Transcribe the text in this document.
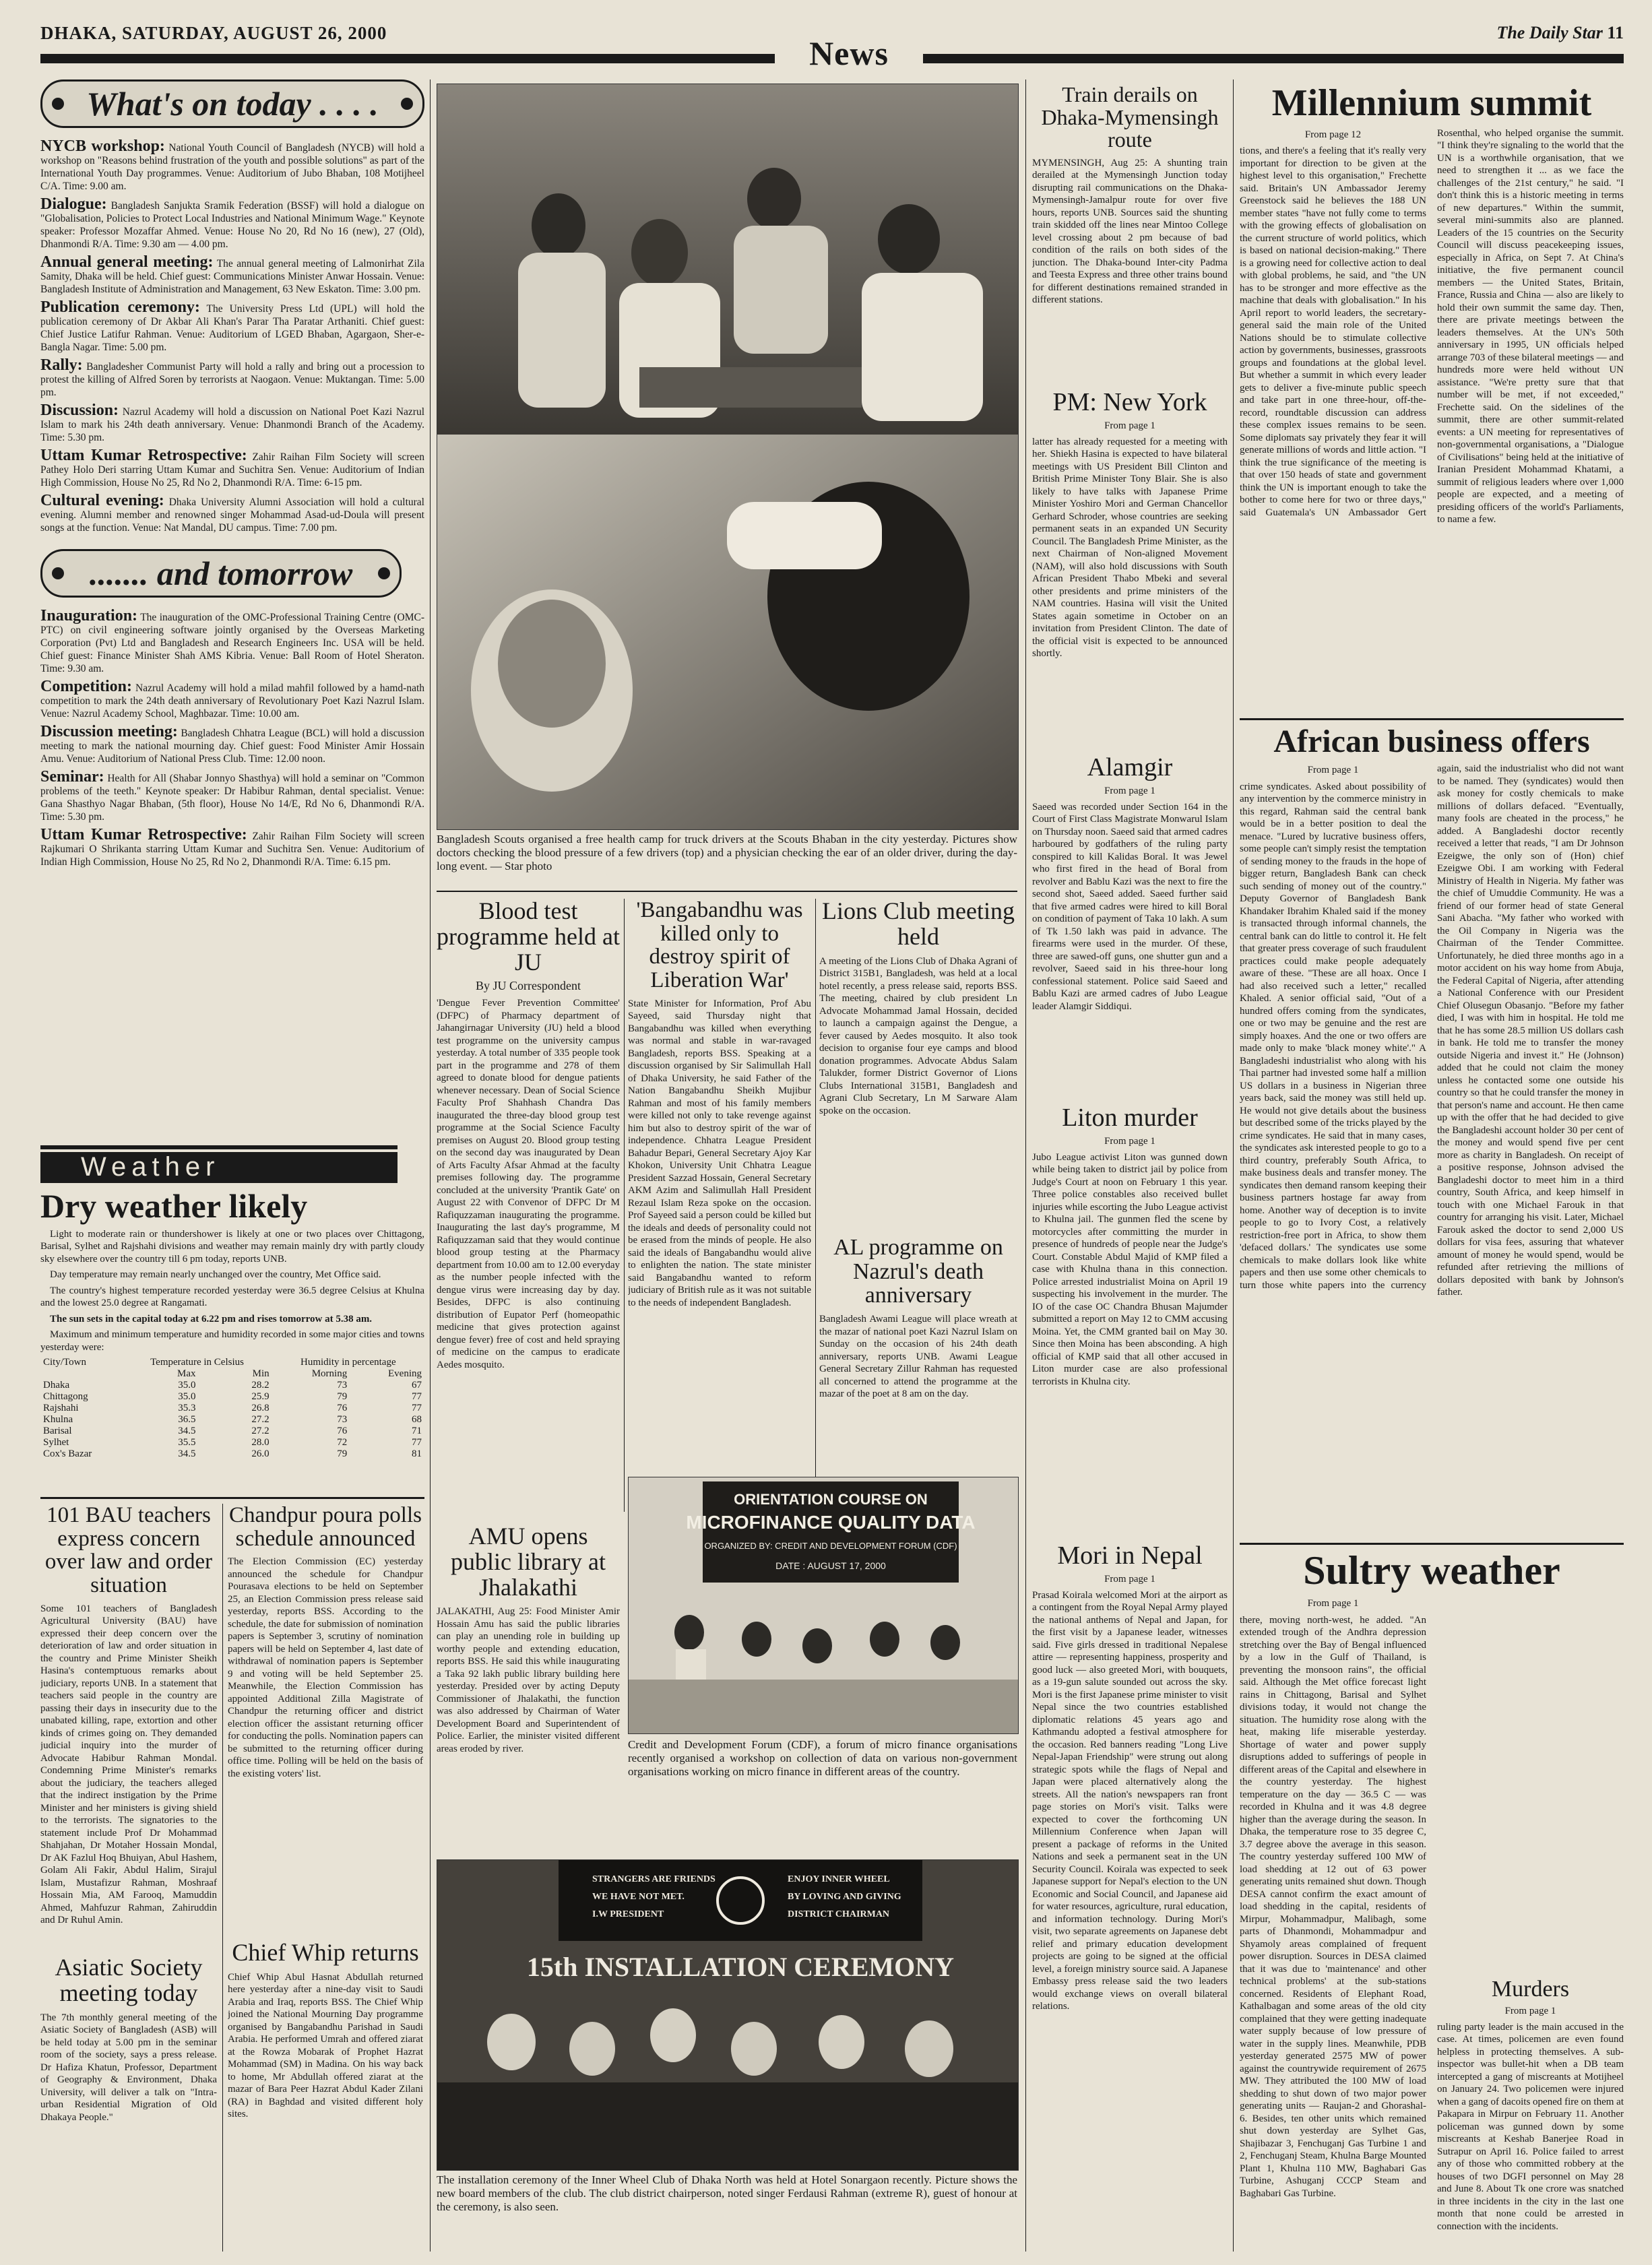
DHAKA, SATURDAY, AUGUST 26, 2000
News
The Daily Star 11
What's on today . . . .

NYCB workshop: National Youth Council of Bangladesh (NYCB) will hold a workshop on "Reasons behind frustration of the youth and possible solutions" as part of the International Youth Day programmes. Venue: Auditorium of Jubo Bhaban, 108 Motijheel C/A. Time: 9.00 am.

Dialogue: Bangladesh Sanjukta Sramik Federation (BSSF) will hold a dialogue on "Globalisation, Policies to Protect Local Industries and National Minimum Wage." Keynote speaker: Professor Mozaffar Ahmed. Venue: House No 20, Rd No 16 (new), 27 (Old), Dhanmondi R/A. Time: 9.30 am — 4.00 pm.

Annual general meeting: The annual general meeting of Lalmonirhat Zila Samity, Dhaka will be held. Chief guest: Communications Minister Anwar Hossain. Venue: Bangladesh Institute of Administration and Management, 63 New Eskaton. Time: 3.00 pm.

Publication ceremony: The University Press Ltd (UPL) will hold the publication ceremony of Dr Akbar Ali Khan's Parar Tha Paratar Arthaniti. Chief guest: Chief Justice Latifur Rahman. Venue: Auditorium of LGED Bhaban, Agargaon, Sher-e-Bangla Nagar. Time: 5.00 pm.

Rally: Bangladesher Communist Party will hold a rally and bring out a procession to protest the killing of Alfred Soren by terrorists at Naogaon. Venue: Muktangan. Time: 5.00 pm.

Discussion: Nazrul Academy will hold a discussion on National Poet Kazi Nazrul Islam to mark his 24th death anniversary. Venue: Dhanmondi Branch of the Academy. Time: 5.30 pm.

Uttam Kumar Retrospective: Zahir Raihan Film Society will screen Pathey Holo Deri starring Uttam Kumar and Suchitra Sen. Venue: Auditorium of Indian High Commission, House No 25, Rd No 2, Dhanmondi R/A. Time: 6-15 pm.

Cultural evening: Dhaka University Alumni Association will hold a cultural evening. Alumni member and renowned singer Mohammad Asad-ud-Doula will present songs at the function. Venue: Nat Mandal, DU campus. Time: 7.00 pm.

....... and tomorrow

Inauguration: The inauguration of the OMC-Professional Training Centre (OMC-PTC) on civil engineering software jointly organised by the Overseas Marketing Corporation (Pvt) Ltd and Bangladesh and Research Engineers Inc. USA will be held. Chief guest: Finance Minister Shah AMS Kibria. Venue: Ball Room of Hotel Sheraton. Time: 9.30 am.

Competition: Nazrul Academy will hold a milad mahfil followed by a hamd-nath competition to mark the 24th death anniversary of Revolutionary Poet Kazi Nazrul Islam. Venue: Nazrul Academy School, Maghbazar. Time: 10.00 am.

Discussion meeting: Bangladesh Chhatra League (BCL) will hold a discussion meeting to mark the national mourning day. Chief guest: Food Minister Amir Hossain Amu. Venue: Auditorium of National Press Club. Time: 12.00 noon.

Seminar: Health for All (Shabar Jonnyo Shasthya) will hold a seminar on "Common problems of the teeth." Keynote speaker: Dr Habibur Rahman, dental specialist. Venue: Gana Shasthyo Nagar Bhaban, (5th floor), House No 14/E, Rd No 6, Dhanmondi R/A. Time: 5.30 pm.

Uttam Kumar Retrospective: Zahir Raihan Film Society will screen Rajkumari O Shrikanta starring Uttam Kumar and Suchitra Sen. Venue: Auditorium of Indian High Commission, House No 25, Rd No 2, Dhanmondi R/A. Time: 6.15 pm.

Weather
Dry weather likely

Light to moderate rain or thundershower is likely at one or two places over Chittagong, Barisal, Sylhet and Rajshahi divisions and weather may remain mainly dry with partly cloudy sky elsewhere over the country till 6 pm today, reports UNB.

Day temperature may remain nearly unchanged over the country, Met Office said.

The country's highest temperature recorded yesterday were 36.5 degree Celsius at Khulna and the lowest 25.0 degree at Rangamati.

The sun sets in the capital today at 6.22 pm and rises tomorrow at 5.38 am.

Maximum and minimum temperature and humidity recorded in some major cities and towns yesterday were:

City/Town	Temperature in Celsius		Humidity in percentage	
	Max	Min	Morning	Evening
Dhaka	35.0	28.2	73	67
Chittagong	35.0	25.9	79	77
Rajshahi	35.3	26.8	76	77
Khulna	36.5	27.2	73	68
Barisal	34.5	27.2	76	71
Sylhet	35.5	28.0	72	77
Cox's Bazar	34.5	26.0	79	81
101 BAU teachers express concern over law and order situation
Some 101 teachers of Bangladesh Agricultural University (BAU) have expressed their deep concern over the deterioration of law and order situation in the country and Prime Minister Sheikh Hasina's contemptuous remarks about judiciary, reports UNB. In a statement that teachers said people in the country are passing their days in insecurity due to the unabated killing, rape, extortion and other kinds of crimes going on. They demanded judicial inquiry into the murder of Advocate Habibur Rahman Mondal. Condemning Prime Minister's remarks about the judiciary, the teachers alleged that the indirect instigation by the Prime Minister and her ministers is giving shield to the terrorists. The signatories to the statement include Prof Dr Mohammad Shahjahan, Dr Motaher Hossain Mondal, Dr AK Fazlul Hoq Bhuiyan, Abul Hashem, Golam Ali Fakir, Abdul Halim, Sirajul Islam, Mustafizur Rahman, Moshraaf Hossain Mia, AM Farooq, Mamuddin Ahmed, Mahfuzur Rahman, Zahiruddin and Dr Ruhul Amin.
Asiatic Society meeting today
The 7th monthly general meeting of the Asiatic Society of Bangladesh (ASB) will be held today at 5.00 pm in the seminar room of the society, says a press release. Dr Hafiza Khatun, Professor, Department of Geography & Environment, Dhaka University, will deliver a talk on "Intra-urban Residential Migration of Old Dhakaya People."
Chandpur poura polls schedule announced
The Election Commission (EC) yesterday announced the schedule for Chandpur Pourasava elections to be held on September 25, an Election Commission press release said yesterday, reports BSS. According to the schedule, the date for submission of nomination papers is September 3, scrutiny of nomination papers will be held on September 4, last date of withdrawal of nomination papers is September 9 and voting will be held September 25. Meanwhile, the Election Commission has appointed Additional Zilla Magistrate of Chandpur the returning officer and district election officer the assistant returning officer for conducting the polls. Nomination papers can be submitted to the returning officer during office time. Polling will be held on the basis of the existing voters' list.
Chief Whip returns
Chief Whip Abul Hasnat Abdullah returned here yesterday after a nine-day visit to Saudi Arabia and Iraq, reports BSS. The Chief Whip joined the National Mourning Day programme organised by Bangabandhu Parishad in Saudi Arabia. He performed Umrah and offered ziarat at the Rowza Mobarak of Prophet Hazrat Mohammad (SM) in Madina. On his way back to home, Mr Abdullah offered ziarat at the mazar of Bara Peer Hazrat Abdul Kader Zilani (RA) in Baghdad and visited different holy sites.
Bangladesh Scouts organised a free health camp for truck drivers at the Scouts Bhaban in the city yesterday. Pictures show doctors checking the blood pressure of a few drivers (top) and a physician checking the ear of an older driver, during the day-long event. — Star photo
Blood test programme held at JU
By JU Correspondent
'Dengue Fever Prevention Committee' (DFPC) of Pharmacy department of Jahangirnagar University (JU) held a blood test programme on the university campus yesterday. A total number of 335 people took part in the programme and 278 of them agreed to donate blood for dengue patients whenever necessary. Dean of Social Science Faculty Prof Shahhash Chandra Das inaugurated the three-day blood group test programme at the Social Science Faculty premises on August 20. Blood group testing on the second day was inaugurated by Dean of Arts Faculty Afsar Ahmad at the faculty premises following day. The programme concluded at the university 'Prantik Gate' on August 22 with Convenor of DFPC Dr M Rafiquzzaman inaugurating the programme. Inaugurating the last day's programme, M Rafiquzzaman said that they would continue blood group testing at the Pharmacy department from 10.00 am to 12.00 everyday as the number people infected with the dengue virus were increasing day by day. Besides, DFPC is also continuing distribution of Eupator Perf (homeopathic medicine that gives protection against dengue fever) free of cost and held spraying of medicine on the campus to eradicate Aedes mosquito.
'Bangabandhu was killed only to destroy spirit of Liberation War'
State Minister for Information, Prof Abu Sayeed, said Thursday night that Bangabandhu was killed when everything was normal and stable in war-ravaged Bangladesh, reports BSS. Speaking at a discussion organised by Sir Salimullah Hall of Dhaka University, he said Father of the Nation Bangabandhu Sheikh Mujibur Rahman and most of his family members were killed not only to take revenge against him but also to destroy spirit of the war of independence. Chhatra League President Bahadur Bepari, General Secretary Ajoy Kar Khokon, University Unit Chhatra League President Sazzad Hossain, General Secretary AKM Azim and Salimullah Hall President Rezaul Islam Reza spoke on the occasion. Prof Sayeed said a person could be killed but the ideals and deeds of personality could not be erased from the minds of people. He also said the ideals of Bangabandhu would alive to enlighten the nation. The state minister said Bangabandhu wanted to reform judiciary of British rule as it was not suitable to the needs of independent Bangladesh.
Lions Club meeting held
A meeting of the Lions Club of Dhaka Agrani of District 315B1, Bangladesh, was held at a local hotel recently, a press release said, reports BSS. The meeting, chaired by club president Ln Advocate Mohammad Jamal Hossain, decided to launch a campaign against the Dengue, a fever caused by Aedes mosquito. It also took decision to organise four eye camps and blood donation programmes. Advocate Abdus Salam Talukder, former District Governor of Lions Clubs International 315B1, Bangladesh and Agrani Club Secretary, Ln M Sarware Alam spoke on the occasion.
AL programme on Nazrul's death anniversary
Bangladesh Awami League will place wreath at the mazar of national poet Kazi Nazrul Islam on Sunday on the occasion of his 24th death anniversary, reports UNB. Awami League General Secretary Zillur Rahman has requested all concerned to attend the programme at the mazar of the poet at 8 am on the day.
AMU opens public library at Jhalakathi
JALAKATHI, Aug 25: Food Minister Amir Hossain Amu has said the public libraries can play an unending role in building up worthy people and extending education, reports BSS. He said this while inaugurating a Taka 92 lakh public library building here yesterday. Presided over by acting Deputy Commissioner of Jhalakathi, the function was also addressed by Chairman of Water Development Board and Superintendent of Police. Earlier, the minister visited different areas eroded by river.
ORIENTATION COURSE ON
MICROFINANCE QUALITY DATA
ORGANIZED BY: CREDIT AND DEVELOPMENT FORUM (CDF)
DATE : AUGUST 17, 2000
Credit and Development Forum (CDF), a forum of micro finance organisations recently organised a workshop on collection of data on various non-government organisations working on micro finance in different areas of the country.
STRANGERS ARE FRIENDS
WE HAVE NOT MET.
I.W PRESIDENT
ENJOY INNER WHEEL
BY LOVING AND GIVING
DISTRICT CHAIRMAN
15th INSTALLATION CEREMONY
The installation ceremony of the Inner Wheel Club of Dhaka North was held at Hotel Sonargaon recently. Picture shows the new board members of the club. The club district chairperson, noted singer Ferdausi Rahman (extreme R), guest of honour at the ceremony, is also seen.
Train derails on Dhaka-Mymensingh route
MYMENSINGH, Aug 25: A shunting train derailed at the Mymensingh Junction today disrupting rail communications on the Dhaka-Mymensingh-Jamalpur route for over five hours, reports UNB. Sources said the shunting train skidded off the lines near Mintoo College level crossing about 2 pm because of bad condition of the rails on both sides of the junction. The Dhaka-bound Inter-city Padma and Teesta Express and three other trains bound for different destinations remained stranded in different stations.
PM: New York
From page 1
latter has already requested for a meeting with her. Shiekh Hasina is expected to have bilateral meetings with US President Bill Clinton and British Prime Minister Tony Blair. She is also likely to have talks with Japanese Prime Minister Yoshiro Mori and German Chancellor Gerhard Schroder, whose countries are seeking permanent seats in an expanded UN Security Council. The Bangladesh Prime Minister, as the next Chairman of Non-aligned Movement (NAM), will also hold discussions with South African President Thabo Mbeki and several other presidents and prime ministers of the NAM countries. Hasina will visit the United States again sometime in October on an invitation from President Clinton. The date of the official visit is expected to be announced shortly.
Alamgir
From page 1
Saeed was recorded under Section 164 in the Court of First Class Magistrate Monwarul Islam on Thursday noon. Saeed said that armed cadres harboured by godfathers of the ruling party conspired to kill Kalidas Boral. It was Jewel who first fired in the head of Boral from revolver and Bablu Kazi was the next to fire the second shot, Saeed added. Saeed further said that five armed cadres were hired to kill Boral on condition of payment of Taka 10 lakh. A sum of Tk 1.50 lakh was paid in advance. The firearms were used in the murder. Of these, three are sawed-off guns, one shutter gun and a revolver, Saeed said in his three-hour long confessional statement. Police said Saeed and Bablu Kazi are armed cadres of Jubo League leader Alamgir Siddiqui.
Liton murder
From page 1
Jubo League activist Liton was gunned down while being taken to district jail by police from Judge's Court at noon on February 1 this year. Three police constables also received bullet injuries while escorting the Jubo League activist to Khulna jail. The gunmen fled the scene by motorcycles after committing the murder in presence of hundreds of people near the Judge's Court. Constable Abdul Majid of KMP filed a case with Khulna thana in this connection. Police arrested industrialist Moina on April 19 suspecting his involvement in the murder. The IO of the case OC Chandra Bhusan Majumder submitted a report on May 12 to CMM accusing Moina. Yet, the CMM granted bail on May 30. Since then Moina has been absconding. A high official of KMP said that all other accused in Liton murder case are also professional terrorists in Khulna city.
Mori in Nepal
From page 1
Prasad Koirala welcomed Mori at the airport as a contingent from the Royal Nepal Army played the national anthems of Nepal and Japan, for the first visit by a Japanese leader, witnesses said. Five girls dressed in traditional Nepalese attire — representing happiness, prosperity and good luck — also greeted Mori, with bouquets, as a 19-gun salute sounded out across the sky. Mori is the first Japanese prime minister to visit Nepal since the two countries established diplomatic relations 45 years ago and Kathmandu adopted a festival atmosphere for the occasion. Red banners reading "Long Live Nepal-Japan Friendship" were strung out along strategic spots while the flags of Nepal and Japan were placed alternatively along the streets. All the nation's newspapers ran front page stories on Mori's visit. Talks were expected to cover the forthcoming UN Millennium Conference when Japan will present a package of reforms in the United Nations and seek a permanent seat in the UN Security Council. Koirala was expected to seek Japanese support for Nepal's election to the UN Economic and Social Council, and Japanese aid for water resources, agriculture, rural education, and information technology. During Mori's visit, two separate agreements on Japanese debt relief and primary education development projects are going to be signed at the official level, a foreign ministry source said. A Japanese Embassy press release said the two leaders would exchange views on overall bilateral relations.
Millennium summit
From page 12
tions, and there's a feeling that it's really very important for direction to be given at the highest level to this organisation," Frechette said. Britain's UN Ambassador Jeremy Greenstock said he believes the 188 UN member states "have not fully come to terms with the growing effects of globalisation on the current structure of world politics, which is based on national decision-making." There is a growing need for collective action to deal with global problems, he said, and "the UN has to be stronger and more effective as the machine that deals with globalisation." In his April report to world leaders, the secretary-general said the main role of the United Nations should be to stimulate collective action by governments, businesses, grassroots groups and foundations at the global level. But whether a summit in which every leader gets to deliver a five-minute public speech and take part in one three-hour, off-the-record, roundtable discussion can address these complex issues remains to be seen. Some diplomats say privately they fear it will generate millions of words and little action. "I think the true significance of the meeting is that over 150 heads of state and government think the UN is important enough to take the bother to come here for two or three days," said Guatemala's UN Ambassador Gert Rosenthal, who helped organise the summit. "I think they're signaling to the world that the UN is a worthwhile organisation, that we need to strengthen it ... as we face the challenges of the 21st century," he said. "I don't think this is a historic meeting in terms of new departures." Within the summit, several mini-summits also are planned. Leaders of the 15 countries on the Security Council will discuss peacekeeping issues, especially in Africa, on Sept 7. At China's initiative, the five permanent council members — the United States, Britain, France, Russia and China — also are likely to hold their own summit the same day. Then, there are private meetings between the leaders themselves. At the UN's 50th anniversary in 1995, UN officials helped arrange 703 of these bilateral meetings — and hundreds more were held without UN assistance. "We're pretty sure that that number will be met, if not exceeded," Frechette said. On the sidelines of the summit, there are other summit-related events: a UN meeting for representatives of non-governmental organisations, a "Dialogue of Civilisations" being held at the initiative of Iranian President Mohammad Khatami, a summit of religious leaders where over 1,000 people are expected, and a meeting of presiding officers of the world's Parliaments, to name a few.
African business offers
From page 1
crime syndicates. Asked about possibility of any intervention by the commerce ministry in this regard, Rahman said the central bank would be in a better position to deal the menace. "Lured by lucrative business offers, some people can't simply resist the temptation of sending money to the frauds in the hope of bigger return, Bangladesh Bank can check such sending of money out of the country." Deputy Governor of Bangladesh Bank Khandaker Ibrahim Khaled said if the money is transacted through informal channels, the central bank can do little to control it. He felt that greater press coverage of such fraudulent practices could make people adequately aware of these. "These are all hoax. Once I had also received such a letter," recalled Khaled. A senior official said, "Out of a hundred offers coming from the syndicates, one or two may be genuine and the rest are simply hoaxes. And the one or two offers are made only to make 'black money white'." A Bangladeshi industrialist who along with his Thai partner had invested some half a million US dollars in a business in Nigerian three years back, said the money was still held up. He would not give details about the business but described some of the tricks played by the crime syndicates. He said that in many cases, the syndicates ask interested people to go to a third country, preferably South Africa, to make business deals and transfer money. The syndicates then demand ransom keeping their business partners hostage far away from home. Another way of deception is to invite people to go to Ivory Cost, a relatively restriction-free port in Africa, to show them 'defaced dollars.' The syndicates use some chemicals to make dollars look like white papers and then use some other chemicals to turn those white papers into the currency again, said the industrialist who did not want to be named. They (syndicates) would then ask money for costly chemicals to make millions of dollars defaced. "Eventually, many fools are cheated in the process," he added. A Bangladeshi doctor recently received a letter that reads, "I am Dr Johnson Ezeigwe, the only son of (Hon) chief Ezeigwe Obi. I am working with Federal Ministry of Health in Nigeria. My father was the chief of Umuddie Community. He was a friend of our former head of state General Sani Abacha. "My father who worked with the Oil Company in Nigeria was the Chairman of the Tender Committee. Unfortunately, he died three months ago in a motor accident on his way home from Abuja, the Federal Capital of Nigeria, after attending a National Conference with our President Chief Olusegun Obasanjo. "Before my father died, I was with him in hospital. He told me that he has some 28.5 million US dollars cash in bank. He told me to transfer the money outside Nigeria and invest it." He (Johnson) added that he could not claim the money unless he contacted some one outside his country so that he could transfer the money in that person's name and account. He then came up with the offer that he had decided to give the Bangladeshi account holder 30 per cent of the money and would spend five per cent more as charity in Bangladesh. On receipt of a positive response, Johnson advised the Bangladeshi doctor to meet him in a third country, South Africa, and keep himself in touch with one Michael Farouk in that country for arranging his visit. Later, Michael Farouk asked the doctor to send 2,000 US dollars for visa fees, assuring that whatever amount of money he would spend, would be refunded after retrieving the millions of dollars deposited with bank by Johnson's father.
Sultry weather
From page 1
there, moving north-west, he added. "An extended trough of the Andhra depression stretching over the Bay of Bengal influenced by a low in the Gulf of Thailand, is preventing the monsoon rains", the official said. Although the Met office forecast light rains in Chittagong, Barisal and Sylhet divisions today, it would not change the situation. The humidity rose along with the heat, making life miserable yesterday. Shortage of water and power supply disruptions added to sufferings of people in different areas of the Capital and elsewhere in the country yesterday. The highest temperature on the day — 36.5 C — was recorded in Khulna and it was 4.8 degree higher than the average during the season. In Dhaka, the temperature rose to 35 degree C, 3.7 degree above the average in this season. The country yesterday suffered 100 MW of load shedding at 12 out of 63 power generating units remained shut down. Though DESA cannot confirm the exact amount of load shedding in the capital, residents of Mirpur, Mohammadpur, Malibagh, some parts of Dhanmondi, Mohammadpur and Shyamoly areas complained of frequent power disruption. Sources in DESA claimed that it was due to 'maintenance' and other technical problems' at the sub-stations concerned. Residents of Elephant Road, Kathalbagan and some areas of the old city complained that they were getting inadequate water supply because of low pressure of water in the supply lines. Meanwhile, PDB yesterday generated 2575 MW of power against the countrywide requirement of 2675 MW. They attributed the 100 MW of load shedding to shut down of two major power generating units — Raujan-2 and Ghorashal-6. Besides, ten other units which remained shut down yesterday are Sylhet Gas, Shajibazar 3, Fenchuganj Gas Turbine 1 and 2, Fenchuganj Steam, Khulna Barge Mounted Plant 1, Khulna 110 MW, Baghabari Gas Turbine, Ashuganj CCCP Steam and Baghabari Gas Turbine.
Murders
From page 1
ruling party leader is the main accused in the case. At times, policemen are even found helpless in protecting themselves. A sub-inspector was bullet-hit when a DB team intercepted a gang of miscreants at Motijheel on January 24. Two policemen were injured when a gang of dacoits opened fire on them at Pakapara in Mirpur on February 11. Another policeman was gunned down by some miscreants at Keshab Banerjee Road in Sutrapur on April 16. Police failed to arrest any of those who committed robbery at the houses of two DGFI personnel on May 28 and June 8. About Tk one crore was snatched in three incidents in the city in the last one month that none could be arrested in connection with the incidents.
